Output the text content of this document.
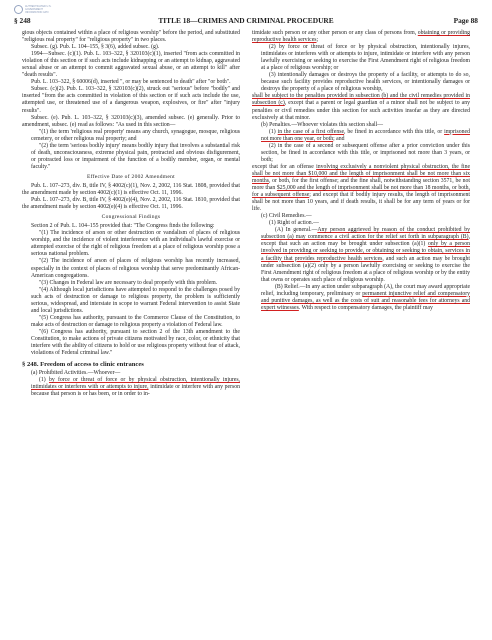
AUTHENTICATED U.S. GOVERNMENT INFORMATION GPO
§ 248	TITLE 18—CRIMES AND CRIMINAL PROCEDURE	Page 88

gious objects contained within a place of religious worship" before the period, and substituted "religious real property" for "religious property" in two places.

Subsec. (g). Pub. L. 104–155, § 3(6), added subsec. (g).

1994—Subsec. (c)(1). Pub. L. 103–322, § 320103(c)(1), inserted "from acts committed in violation of this section or if such acts include kidnapping or an attempt to kidnap, aggravated sexual abuse or an attempt to commit aggravated sexual abuse, or an attempt to kill" after "death results".

Pub. L. 103–322, § 60006(d), inserted ", or may be sentenced to death" after "or both".

Subsec. (c)(2). Pub. L. 103–322, § 320103(c)(2), struck out "serious" before "bodily" and inserted "from the acts committed in violation of this section or if such acts include the use, attempted use, or threatened use of a dangerous weapon, explosives, or fire" after "injury results".

Subsec. (e). Pub. L. 103–322, § 320103(c)(3), amended subsec. (e) generally. Prior to amendment, subsec. (e) read as follows: "As used in this section—

"(1) the term 'religious real property' means any church, synagogue, mosque, religious cemetery, or other religious real property; and

"(2) the term 'serious bodily injury' means bodily injury that involves a substantial risk of death, unconsciousness, extreme physical pain, protracted and obvious disfigurement, or protracted loss or impairment of the function of a bodily member, organ, or mental faculty."

Effective Date of 2002 Amendment

Pub. L. 107–273, div. B, title IV, § 4002(c)(1), Nov. 2, 2002, 116 Stat. 1808, provided that the amendment made by section 4002(c)(1) is effective Oct. 11, 1996.

Pub. L. 107–273, div. B, title IV, § 4002(e)(4), Nov. 2, 2002, 116 Stat. 1810, provided that the amendment made by section 4002(e)(4) is effective Oct. 11, 1996.

Congressional Findings

Section 2 of Pub. L. 104–155 provided that: "The Congress finds the following:

"(1) The incidence of arson or other destruction or vandalism of places of religious worship, and the incidence of violent interference with an individual's lawful exercise or attempted exercise of the right of religious freedom at a place of religious worship pose a serious national problem.

"(2) The incidence of arson of places of religious worship has recently increased, especially in the context of places of religious worship that serve predominantly African-American congregations.

"(3) Changes in Federal law are necessary to deal properly with this problem.

"(4) Although local jurisdictions have attempted to respond to the challenges posed by such acts of destruction or damage to religious property, the problem is sufficiently serious, widespread, and interstate in scope to warrant Federal intervention to assist State and local jurisdictions.

"(5) Congress has authority, pursuant to the Commerce Clause of the Constitution, to make acts of destruction or damage to religious property a violation of Federal law.

"(6) Congress has authority, pursuant to section 2 of the 13th amendment to the Constitution, to make actions of private citizens motivated by race, color, or ethnicity that interfere with the ability of citizens to hold or use religious property without fear of attack, violations of Federal criminal law."

§ 248. Freedom of access to clinic entrances

(a) Prohibited Activities.—Whoever—

(1) by force or threat of force or by physical obstruction, intentionally injures, intimidates or interferes with or attempts to injure, intimidate or interfere with any person because that person is or has been, or in order to in-

timidate such person or any other person or any class of persons from, obtaining or providing reproductive health services;

(2) by force or threat of force or by physical obstruction, intentionally injures, intimidates or interferes with or attempts to injure, intimidate or interfere with any person lawfully exercising or seeking to exercise the First Amendment right of religious freedom at a place of religious worship; or

(3) intentionally damages or destroys the property of a facility, or attempts to do so, because such facility provides reproductive health services, or intentionally damages or destroys the property of a place of religious worship,

shall be subject to the penalties provided in subsection (b) and the civil remedies provided in subsection (c), except that a parent or legal guardian of a minor shall not be subject to any penalties or civil remedies under this section for such activities insofar as they are directed exclusively at that minor.

(b) Penalties.—Whoever violates this section shall—

(1) in the case of a first offense, be fined in accordance with this title, or imprisoned not more than one year, or both; and

(2) in the case of a second or subsequent offense after a prior conviction under this section, be fined in accordance with this title, or imprisoned not more than 3 years, or both;

except that for an offense involving exclusively a nonviolent physical obstruction, the fine shall be not more than $10,000 and the length of imprisonment shall be not more than six months, or both, for the first offense; and the fine shall, notwithstanding section 3571, be not more than $25,000 and the length of imprisonment shall be not more than 18 months, or both, for a subsequent offense; and except that if bodily injury results, the length of imprisonment shall be not more than 10 years, and if death results, it shall be for any term of years or for life.

(c) Civil Remedies.—

(1) Right of action.—

(A) In general.—Any person aggrieved by reason of the conduct prohibited by subsection (a) may commence a civil action for the relief set forth in subparagraph (B), except that such an action may be brought under subsection (a)(1) only by a person involved in providing or seeking to provide, or obtaining or seeking to obtain, services in a facility that provides reproductive health services, and such an action may be brought under subsection (a)(2) only by a person lawfully exercising or seeking to exercise the First Amendment right of religious freedom at a place of religious worship or by the entity that owns or operates such place of religious worship.

(B) Relief.—In any action under subparagraph (A), the court may award appropriate relief, including temporary, preliminary or permanent injunctive relief and compensatory and punitive damages, as well as the costs of suit and reasonable fees for attorneys and expert witnesses. With respect to compensatory damages, the plaintiff may
